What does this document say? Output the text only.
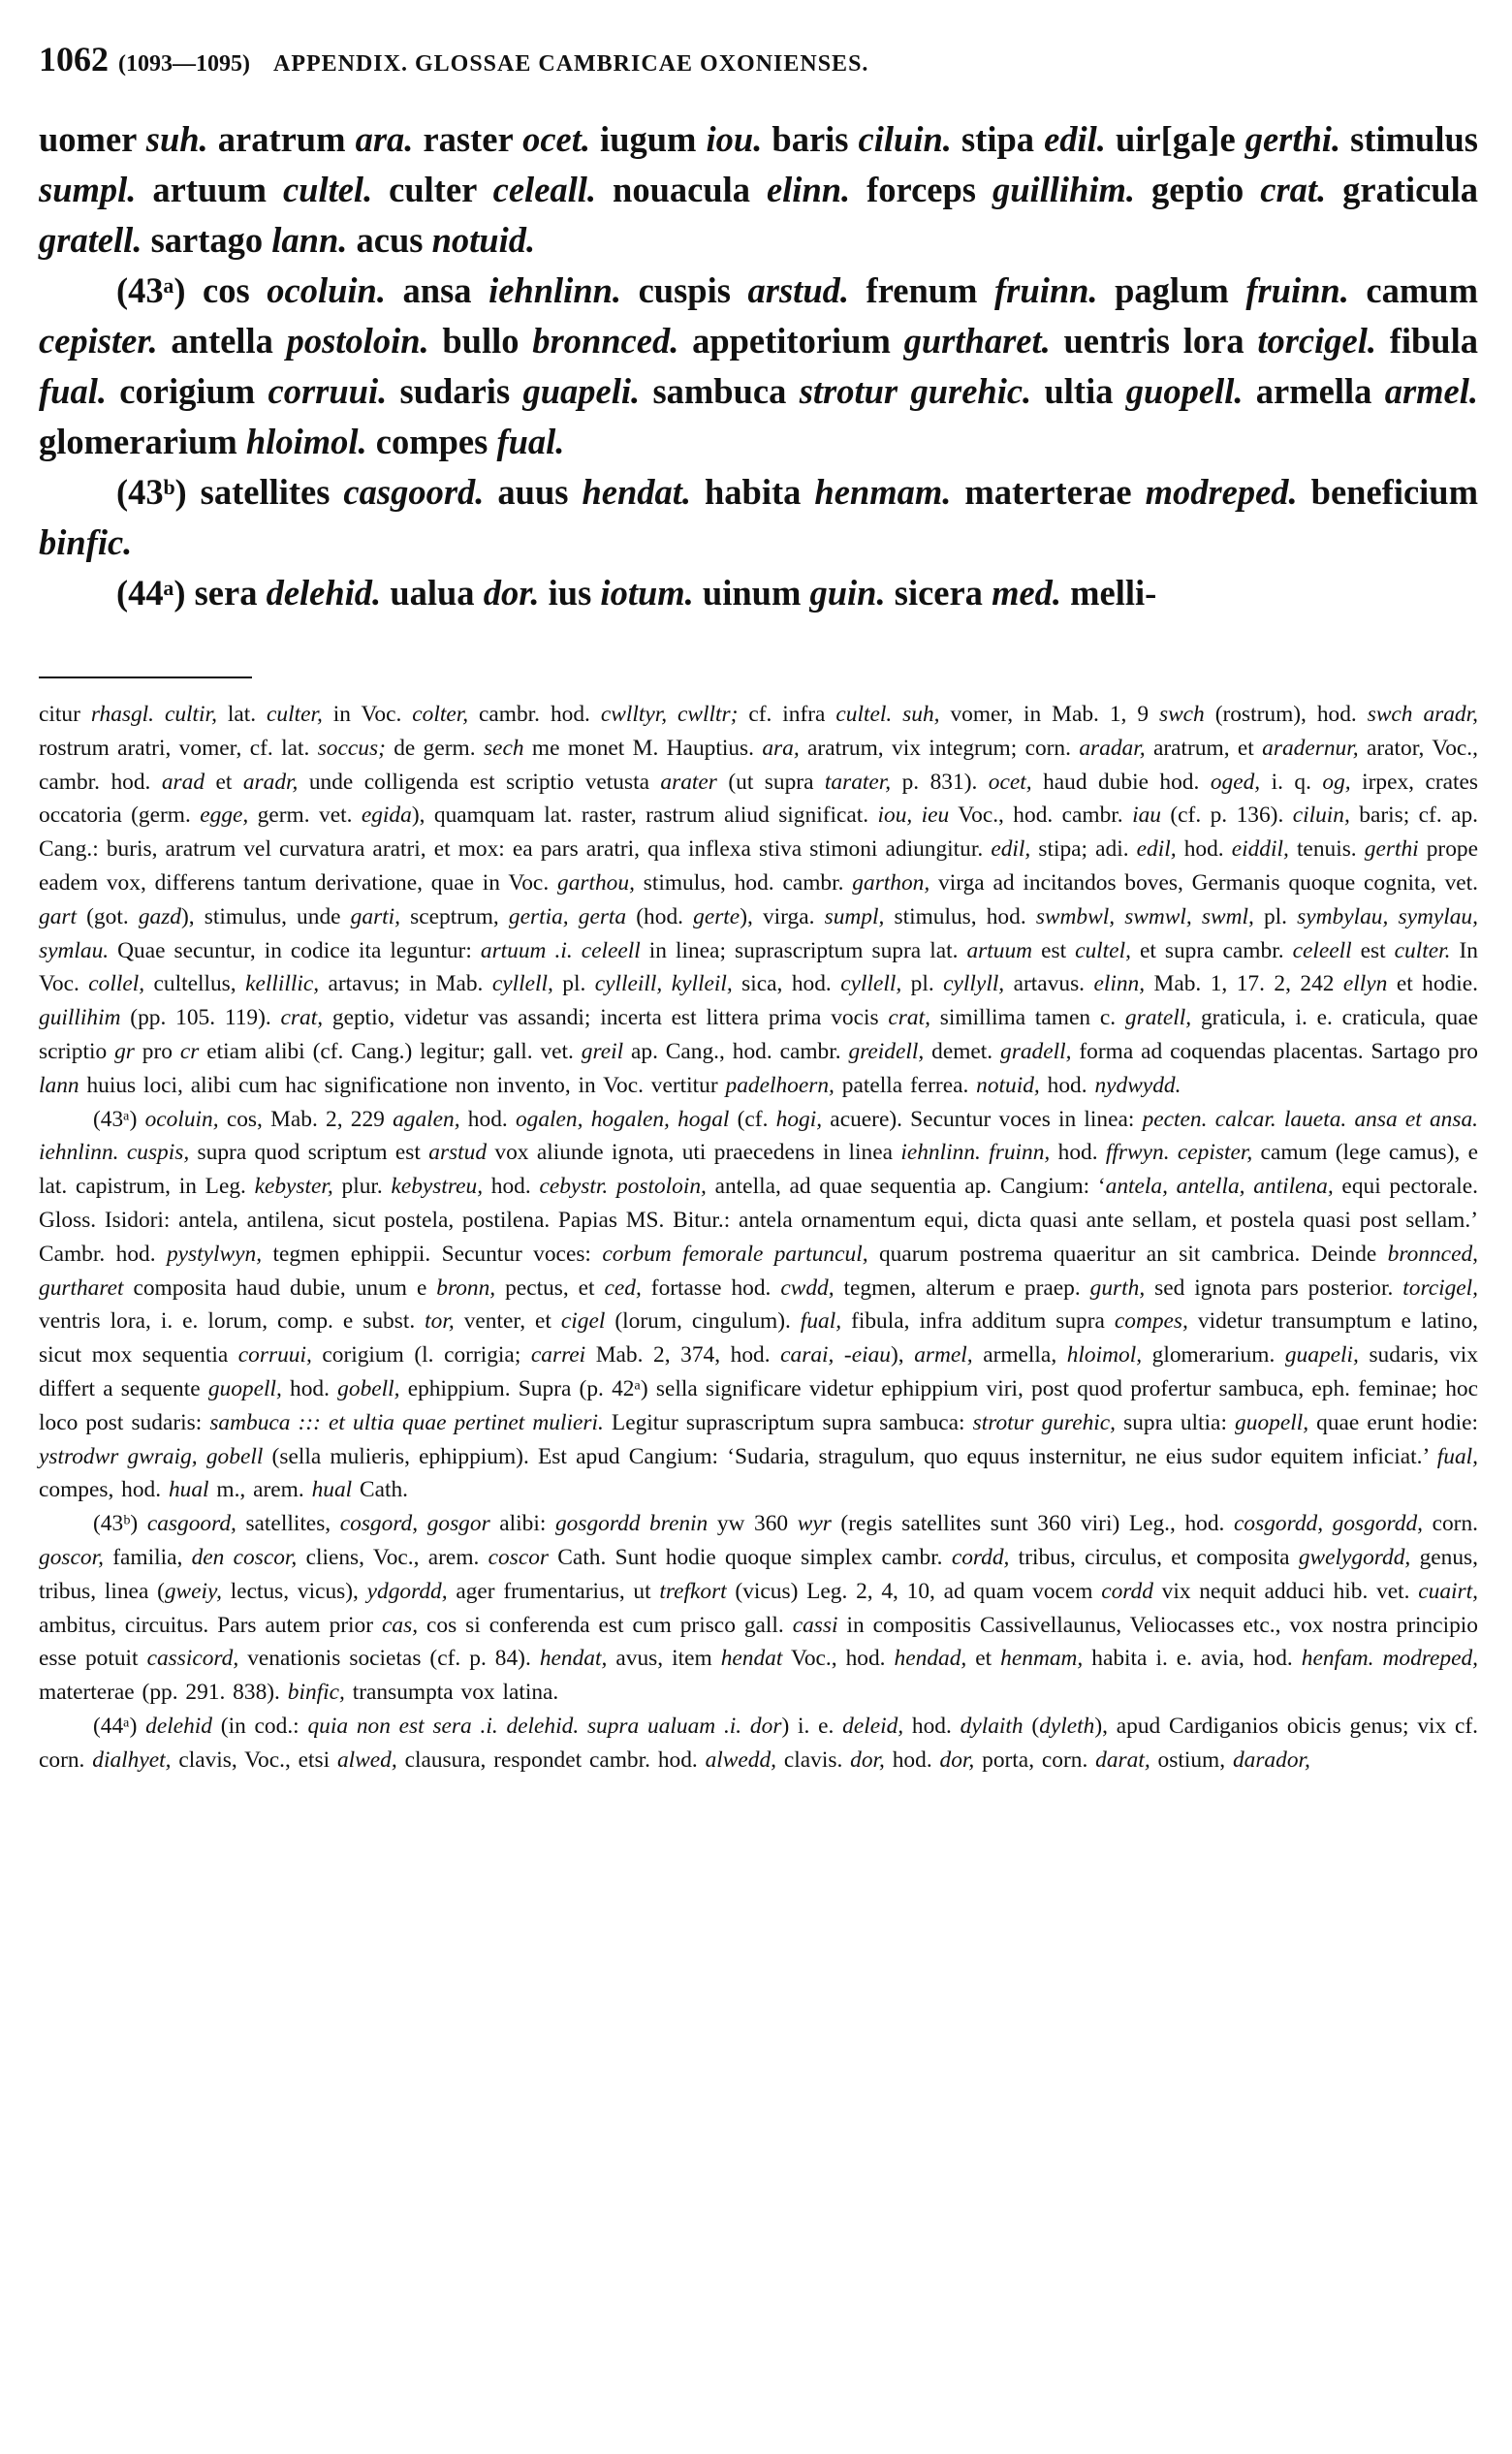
1062 (1093—1095) APPENDIX. GLOSSAE CAMBRICAE OXONIENSES.

uomer suh. aratrum ara. raster ocet. iugum iou. baris ciluin. stipa edil. uir[ga]e gerthi. stimulus sumpl. artuum cultel. culter celeall. nouacula elinn. forceps guillihim. geptio crat. graticula gratell. sartago lann. acus notuid.

(43ᵃ) cos ocoluin. ansa iehnlinn. cuspis arstud. frenum fruinn. paglum fruinn. camum cepister. antella postoloin. bullo bronnced. appetitorium gurtharet. uentris lora torcigel. fibula fual. corigium corruui. sudaris guapeli. sambuca strotur gurehic. ultia guopell. armella armel. glomerarium hloimol. compes fual.

(43ᵇ) satellites casgoord. auus hendat. habita henmam. materterae modreped. beneficium binfic.

(44ᵃ) sera delehid. ualua dor. ius iotum. uinum guin. sicera med. melli-

citur rhasgl. cultir, lat. culter, in Voc. colter, cambr. hod. cwlltyr, cwlltr; cf. infra cultel. suh, vomer, in Mab. 1, 9 swch (rostrum), hod. swch aradr, rostrum aratri, vomer, cf. lat. soccus; de germ. sech me monet M. Hauptius. ara, aratrum, vix integrum; corn. aradar, aratrum, et aradernur, arator, Voc., cambr. hod. arad et aradr, unde colligenda est scriptio vetusta arater (ut supra tarater, p. 831). ocet, haud dubie hod. oged, i. q. og, irpex, crates occatoria (germ. egge, germ. vet. egida), quamquam lat. raster, rastrum aliud significat. iou, ieu Voc., hod. cambr. iau (cf. p. 136). ciluin, baris; cf. ap. Cang.: buris, aratrum vel curvatura aratri, et mox: ea pars aratri, qua inflexa stiva stimoni adiungitur. edil, stipa; adi. edil, hod. eiddil, tenuis. gerthi prope eadem vox, differens tantum derivatione, quae in Voc. garthou, stimulus, hod. cambr. garthon, virga ad incitandos boves, Germanis quoque cognita, vet. gart (got. gazd), stimulus, unde garti, sceptrum, gertia, gerta (hod. gerte), virga. sumpl, stimulus, hod. swmbwl, swmwl, swml, pl. symbylau, symylau, symlau. Quae secuntur, in codice ita leguntur: artuum .i. celeell in linea; suprascriptum supra lat. artuum est cultel, et supra cambr. celeell est culter. In Voc. collel, cultellus, kellillic, artavus; in Mab. cyllell, pl. cylleill, kylleil, sica, hod. cyllell, pl. cyllyll, artavus. elinn, Mab. 1, 17. 2, 242 ellyn et hodie. guillihim (pp. 105. 119). crat, geptio, videtur vas assandi; incerta est littera prima vocis crat, simillima tamen c. gratell, graticula, i. e. craticula, quae scriptio gr pro cr etiam alibi (cf. Cang.) legitur; gall. vet. greil ap. Cang., hod. cambr. greidell, demet. gradell, forma ad coquendas placentas. Sartago pro lann huius loci, alibi cum hac significatione non invento, in Voc. vertitur padelhoern, patella ferrea. notuid, hod. nydwydd.

(43ᵃ) ocoluin, cos, Mab. 2, 229 agalen, hod. ogalen, hogalen, hogal (cf. hogi, acuere). Secuntur voces in linea: pecten. calcar. laueta. ansa et ansa. iehnlinn. cuspis, supra quod scriptum est arstud vox aliunde ignota, uti praecedens in linea iehnlinn. fruinn, hod. ffrwyn. cepister, camum (lege camus), e lat. capistrum, in Leg. kebyster, plur. kebystreu, hod. cebystr. postoloin, antella, ad quae sequentia ap. Cangium: ‘antela, antella, antilena, equi pectorale. Gloss. Isidori: antela, antilena, sicut postela, postilena. Papias MS. Bitur.: antela ornamentum equi, dicta quasi ante sellam, et postela quasi post sellam.’ Cambr. hod. pystylwyn, tegmen ephippii. Secuntur voces: corbum femorale partuncul, quarum postrema quaeritur an sit cambrica. Deinde bronnced, gurtharet composita haud dubie, unum e bronn, pectus, et ced, fortasse hod. cwdd, tegmen, alterum e praep. gurth, sed ignota pars posterior. torcigel, ventris lora, i. e. lorum, comp. e subst. tor, venter, et cigel (lorum, cingulum). fual, fibula, infra additum supra compes, videtur transumptum e latino, sicut mox sequentia corruui, corigium (l. corrigia; carrei Mab. 2, 374, hod. carai, -eiau), armel, armella, hloimol, glomerarium. guapeli, sudaris, vix differt a sequente guopell, hod. gobell, ephippium. Supra (p. 42ᵃ) sella significare videtur ephippium viri, post quod profertur sambuca, eph. feminae; hoc loco post sudaris: sambuca ::: et ultia quae pertinet mulieri. Legitur suprascriptum supra sambuca: strotur gurehic, supra ultia: guopell, quae erunt hodie: ystrodwr gwraig, gobell (sella mulieris, ephippium). Est apud Cangium: ‘Sudaria, stragulum, quo equus insternitur, ne eius sudor equitem inficiat.’ fual, compes, hod. hual m., arem. hual Cath.

(43ᵇ) casgoord, satellites, cosgord, gosgor alibi: gosgordd brenin yw 360 wyr (regis satellites sunt 360 viri) Leg., hod. cosgordd, gosgordd, corn. goscor, familia, den coscor, cliens, Voc., arem. coscor Cath. Sunt hodie quoque simplex cambr. cordd, tribus, circulus, et composita gwelygordd, genus, tribus, linea (gweiy, lectus, vicus), ydgordd, ager frumentarius, ut trefkort (vicus) Leg. 2, 4, 10, ad quam vocem cordd vix nequit adduci hib. vet. cuairt, ambitus, circuitus. Pars autem prior cas, cos si conferenda est cum prisco gall. cassi in compositis Cassivellaunus, Veliocasses etc., vox nostra principio esse potuit cassicord, venationis societas (cf. p. 84). hendat, avus, item hendat Voc., hod. hendad, et henmam, habita i. e. avia, hod. henfam. modreped, materterae (pp. 291. 838). binfic, transumpta vox latina.

(44ᵃ) delehid (in cod.: quia non est sera .i. delehid. supra ualuam .i. dor) i. e. deleid, hod. dylaith (dyleth), apud Cardiganios obicis genus; vix cf. corn. dialhyet, clavis, Voc., etsi alwed, clausura, respondet cambr. hod. alwedd, clavis. dor, hod. dor, porta, corn. darat, ostium, darador,
